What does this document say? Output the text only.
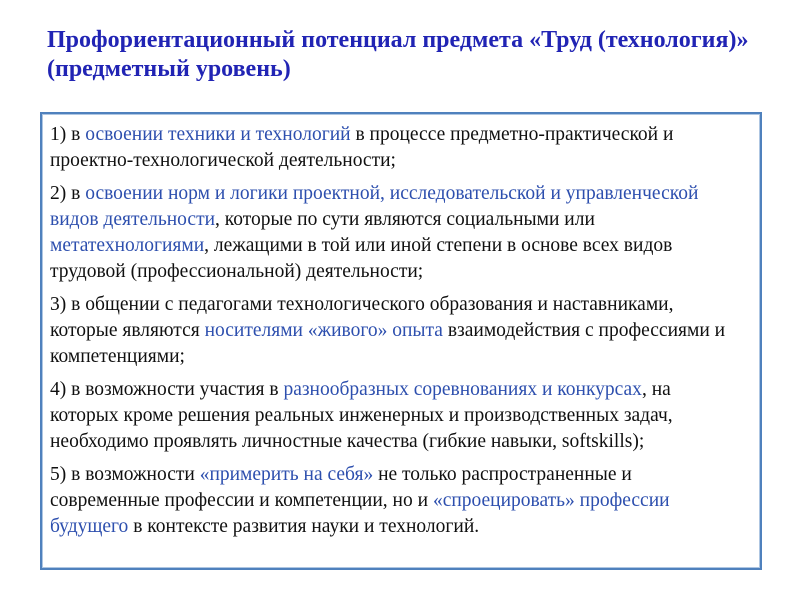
Профориентационный потенциал предмета «Труд (технология)»
(предметный уровень)

1) в освоении техники и технологий в процессе предметно-практической и проектно-технологической деятельности;

2) в освоении норм и логики проектной, исследовательской и управленческой видов деятельности, которые по сути являются социальными или метатехнологиями, лежащими в той или иной степени в основе всех видов трудовой (профессиональной) деятельности;

3) в общении с педагогами технологического образования и наставниками, которые являются носителями «живого» опыта взаимодействия с профессиями и компетенциями;

4) в возможности участия в разнообразных соревнованиях и конкурсах, на которых кроме решения реальных инженерных и производственных задач, необходимо проявлять личностные качества (гибкие навыки, softskills);

5) в возможности «примерить на себя» не только распространенные и современные профессии и компетенции, но и «спроецировать» профессии будущего в контексте развития науки и технологий.
